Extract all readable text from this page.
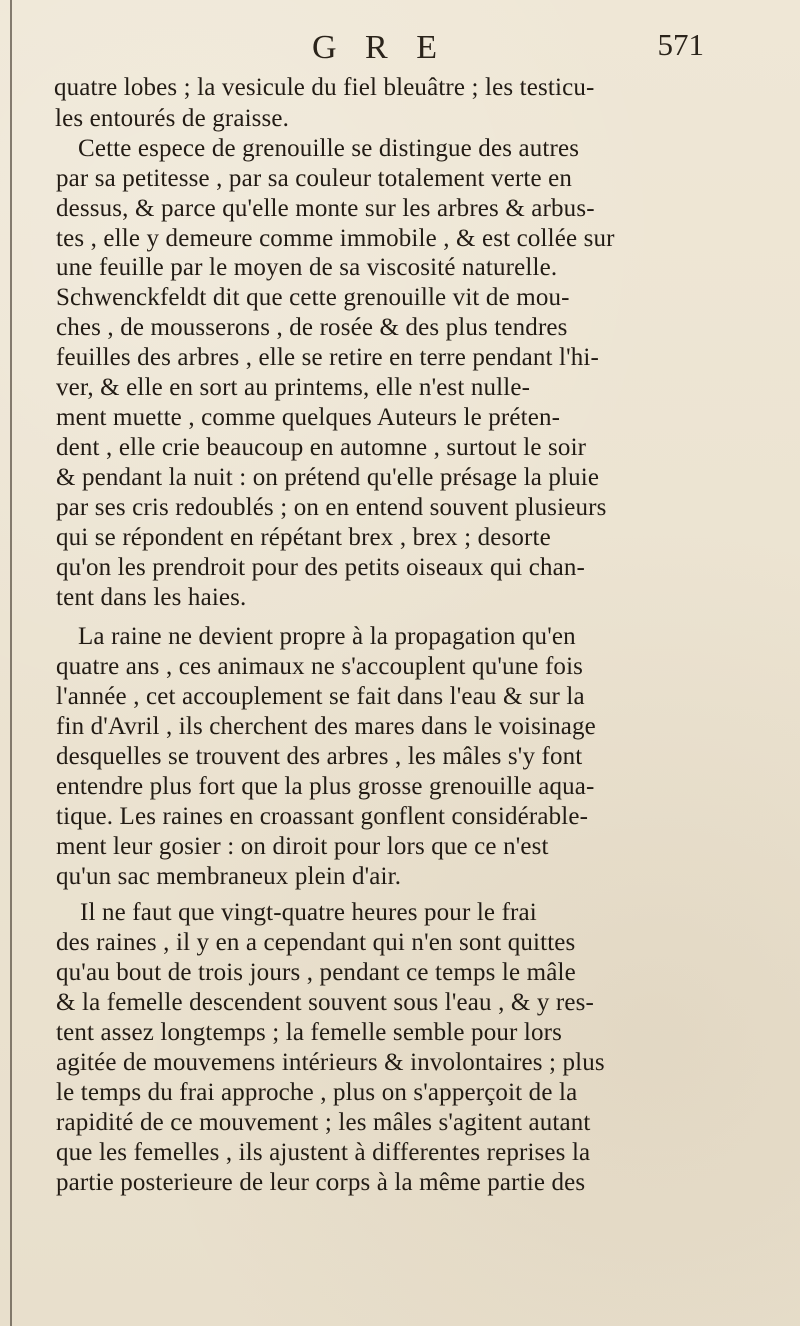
G R E	571
quatre lobes ; la vesicule du fiel bleuâtre ; les testicu-
les entourés de graisse.
Cette espece de grenouille se distingue des autres
par sa petitesse , par sa couleur totalement verte en
dessus, & parce qu'elle monte sur les arbres & arbus-
tes , elle y demeure comme immobile , & est collée sur
une feuille par le moyen de sa viscosité naturelle.
Schwenckfeldt dit que cette grenouille vit de mou-
ches , de mousserons , de rosée & des plus tendres
feuilles des arbres , elle se retire en terre pendant l'hi-
ver, & elle en sort au printems, elle n'est nulle-
ment muette , comme quelques Auteurs le préten-
dent , elle crie beaucoup en automne , surtout le soir
& pendant la nuit : on prétend qu'elle présage la pluie
par ses cris redoublés ; on en entend souvent plusieurs
qui se répondent en répétant brex , brex ; desorte
qu'on les prendroit pour des petits oiseaux qui chan-
tent dans les haies.
La raine ne devient propre à la propagation qu'en
quatre ans , ces animaux ne s'accouplent qu'une fois
l'année , cet accouplement se fait dans l'eau & sur la
fin d'Avril , ils cherchent des mares dans le voisinage
desquelles se trouvent des arbres , les mâles s'y font
entendre plus fort que la plus grosse grenouille aqua-
tique. Les raines en croassant gonflent considérable-
ment leur gosier : on diroit pour lors que ce n'est
qu'un sac membraneux plein d'air.
Il ne faut que vingt-quatre heures pour le frai
des raines , il y en a cependant qui n'en sont quittes
qu'au bout de trois jours , pendant ce temps le mâle
& la femelle descendent souvent sous l'eau , & y res-
tent assez longtemps ; la femelle semble pour lors
agitée de mouvemens intérieurs & involontaires ; plus
le temps du frai approche , plus on s'apperçoit de la
rapidité de ce mouvement ; les mâles s'agitent autant
que les femelles , ils ajustent à differentes reprises la
partie posterieure de leur corps à la même partie des
